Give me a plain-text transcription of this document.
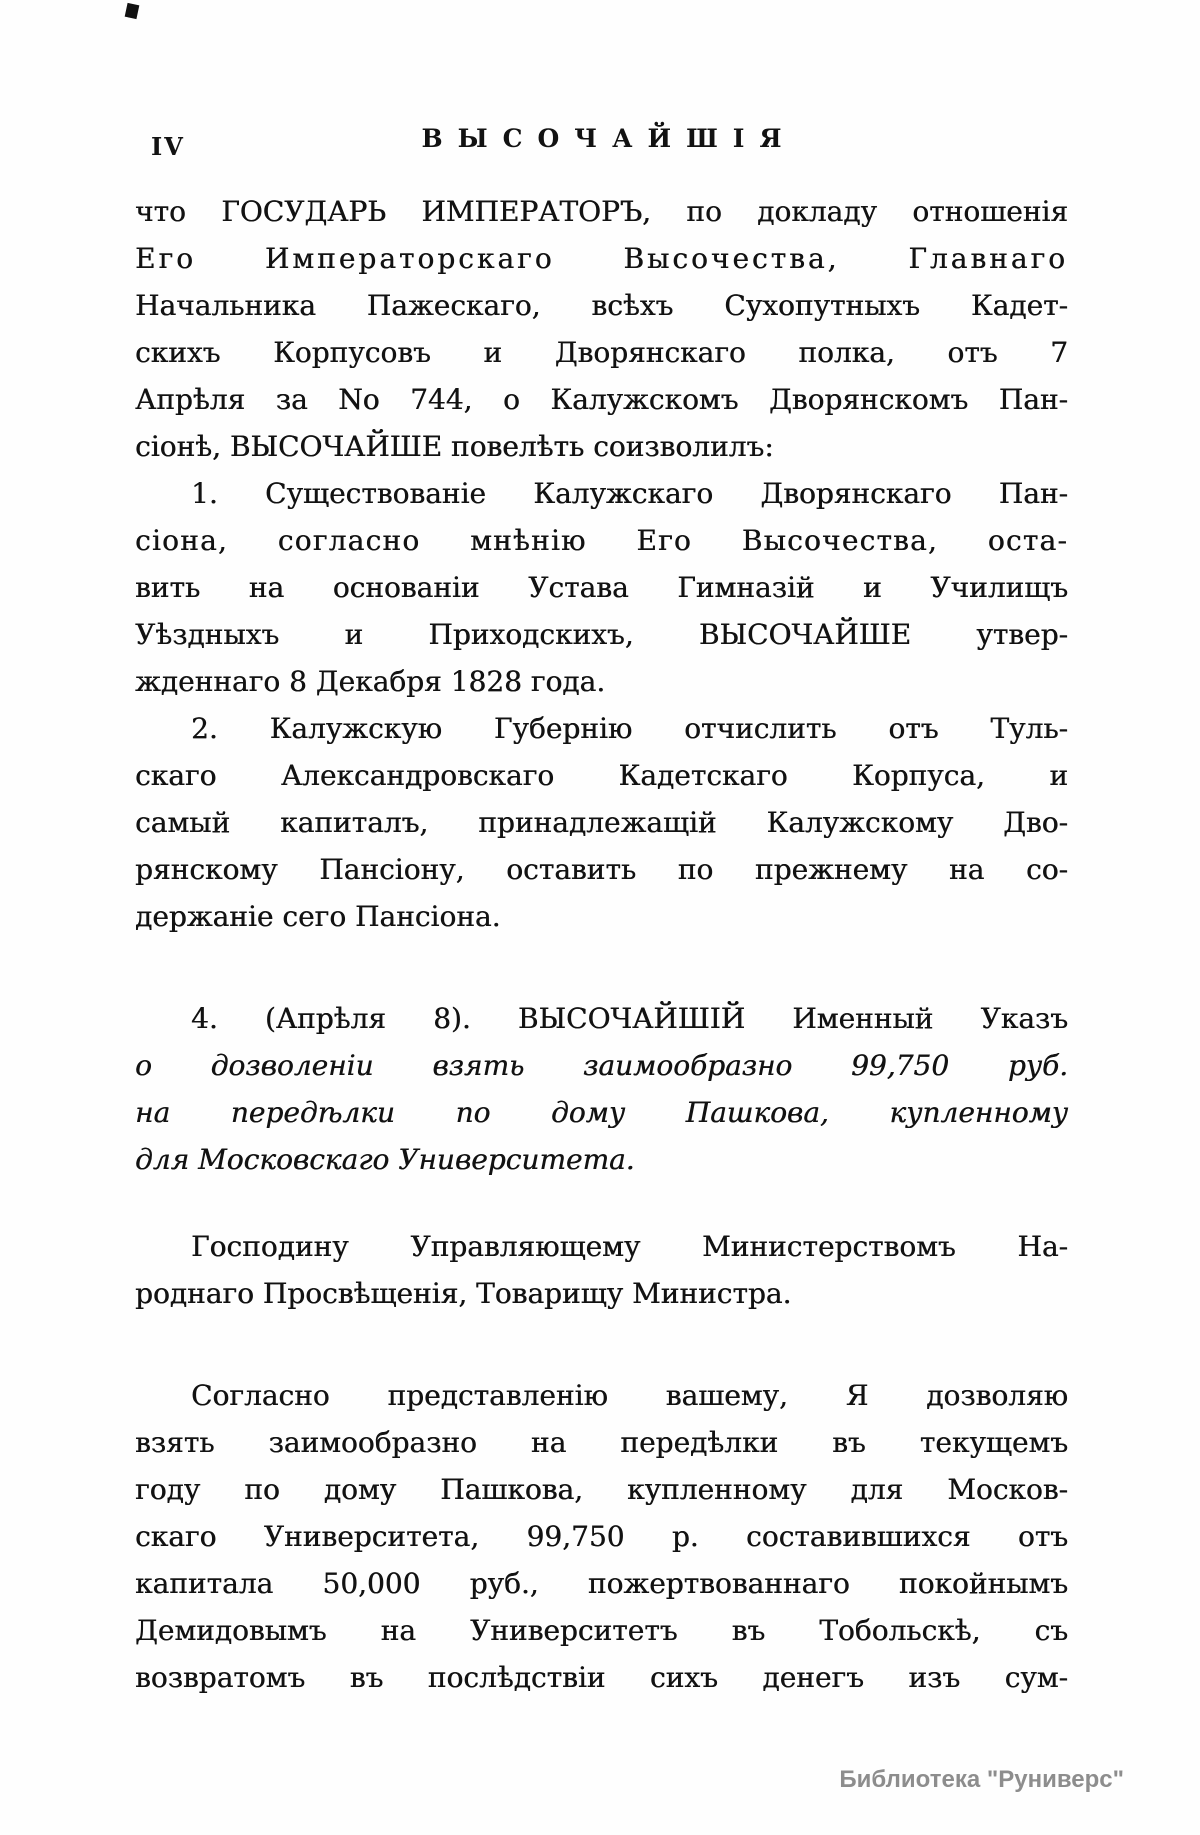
IV	ВЫСОЧАЙШІЯ
что ГОСУДАРЬ ИМПЕРАТОРЪ, по докладу отношенія
Его Императорскаго Высочества, Главнаго
Начальника Пажескаго, всѣхъ Сухопутныхъ Кадет-
скихъ Корпусовъ и Дворянскаго полка, отъ 7
Апрѣля за No 744, о Калужскомъ Дворянскомъ Пан-
сіонѣ, ВЫСОЧАЙШЕ повелѣть соизволилъ:
1. Существованіе Калужскаго Дворянскаго Пан-
сіона, согласно мнѣнію Его Высочества, оста-
вить на основаніи Устава Гимназій и Училищъ
Уѣздныхъ и Приходскихъ, ВЫСОЧАЙШЕ утвер-
жденнаго 8 Декабря 1828 года.
2. Калужскую Губернію отчислить отъ Туль-
скаго Александровскаго Кадетскаго Корпуса, и
самый капиталъ, принадлежащій Калужскому Дво-
рянскому Пансіону, оставить по прежнему на со-
держаніе сего Пансіона.
4. (Апрѣля 8). ВЫСОЧАЙШІЙ Именный Указъ
о дозволеніи взять заимообразно 99,750 руб.
на передѣлки по дому Пашкова, купленному
для Московскаго Университета.
Господину Управляющему Министерствомъ На-
роднаго Просвѣщенія, Товарищу Министра.
Согласно представленію вашему, Я дозволяю
взять заимообразно на передѣлки въ текущемъ
году по дому Пашкова, купленному для Москов-
скаго Университета, 99,750 р. составившихся отъ
капитала 50,000 руб., пожертвованнаго покойнымъ
Демидовымъ на Университетъ въ Тобольскѣ, съ
возвратомъ въ послѣдствіи сихъ денегъ изъ сум-
Библиотека "Руниверс"
